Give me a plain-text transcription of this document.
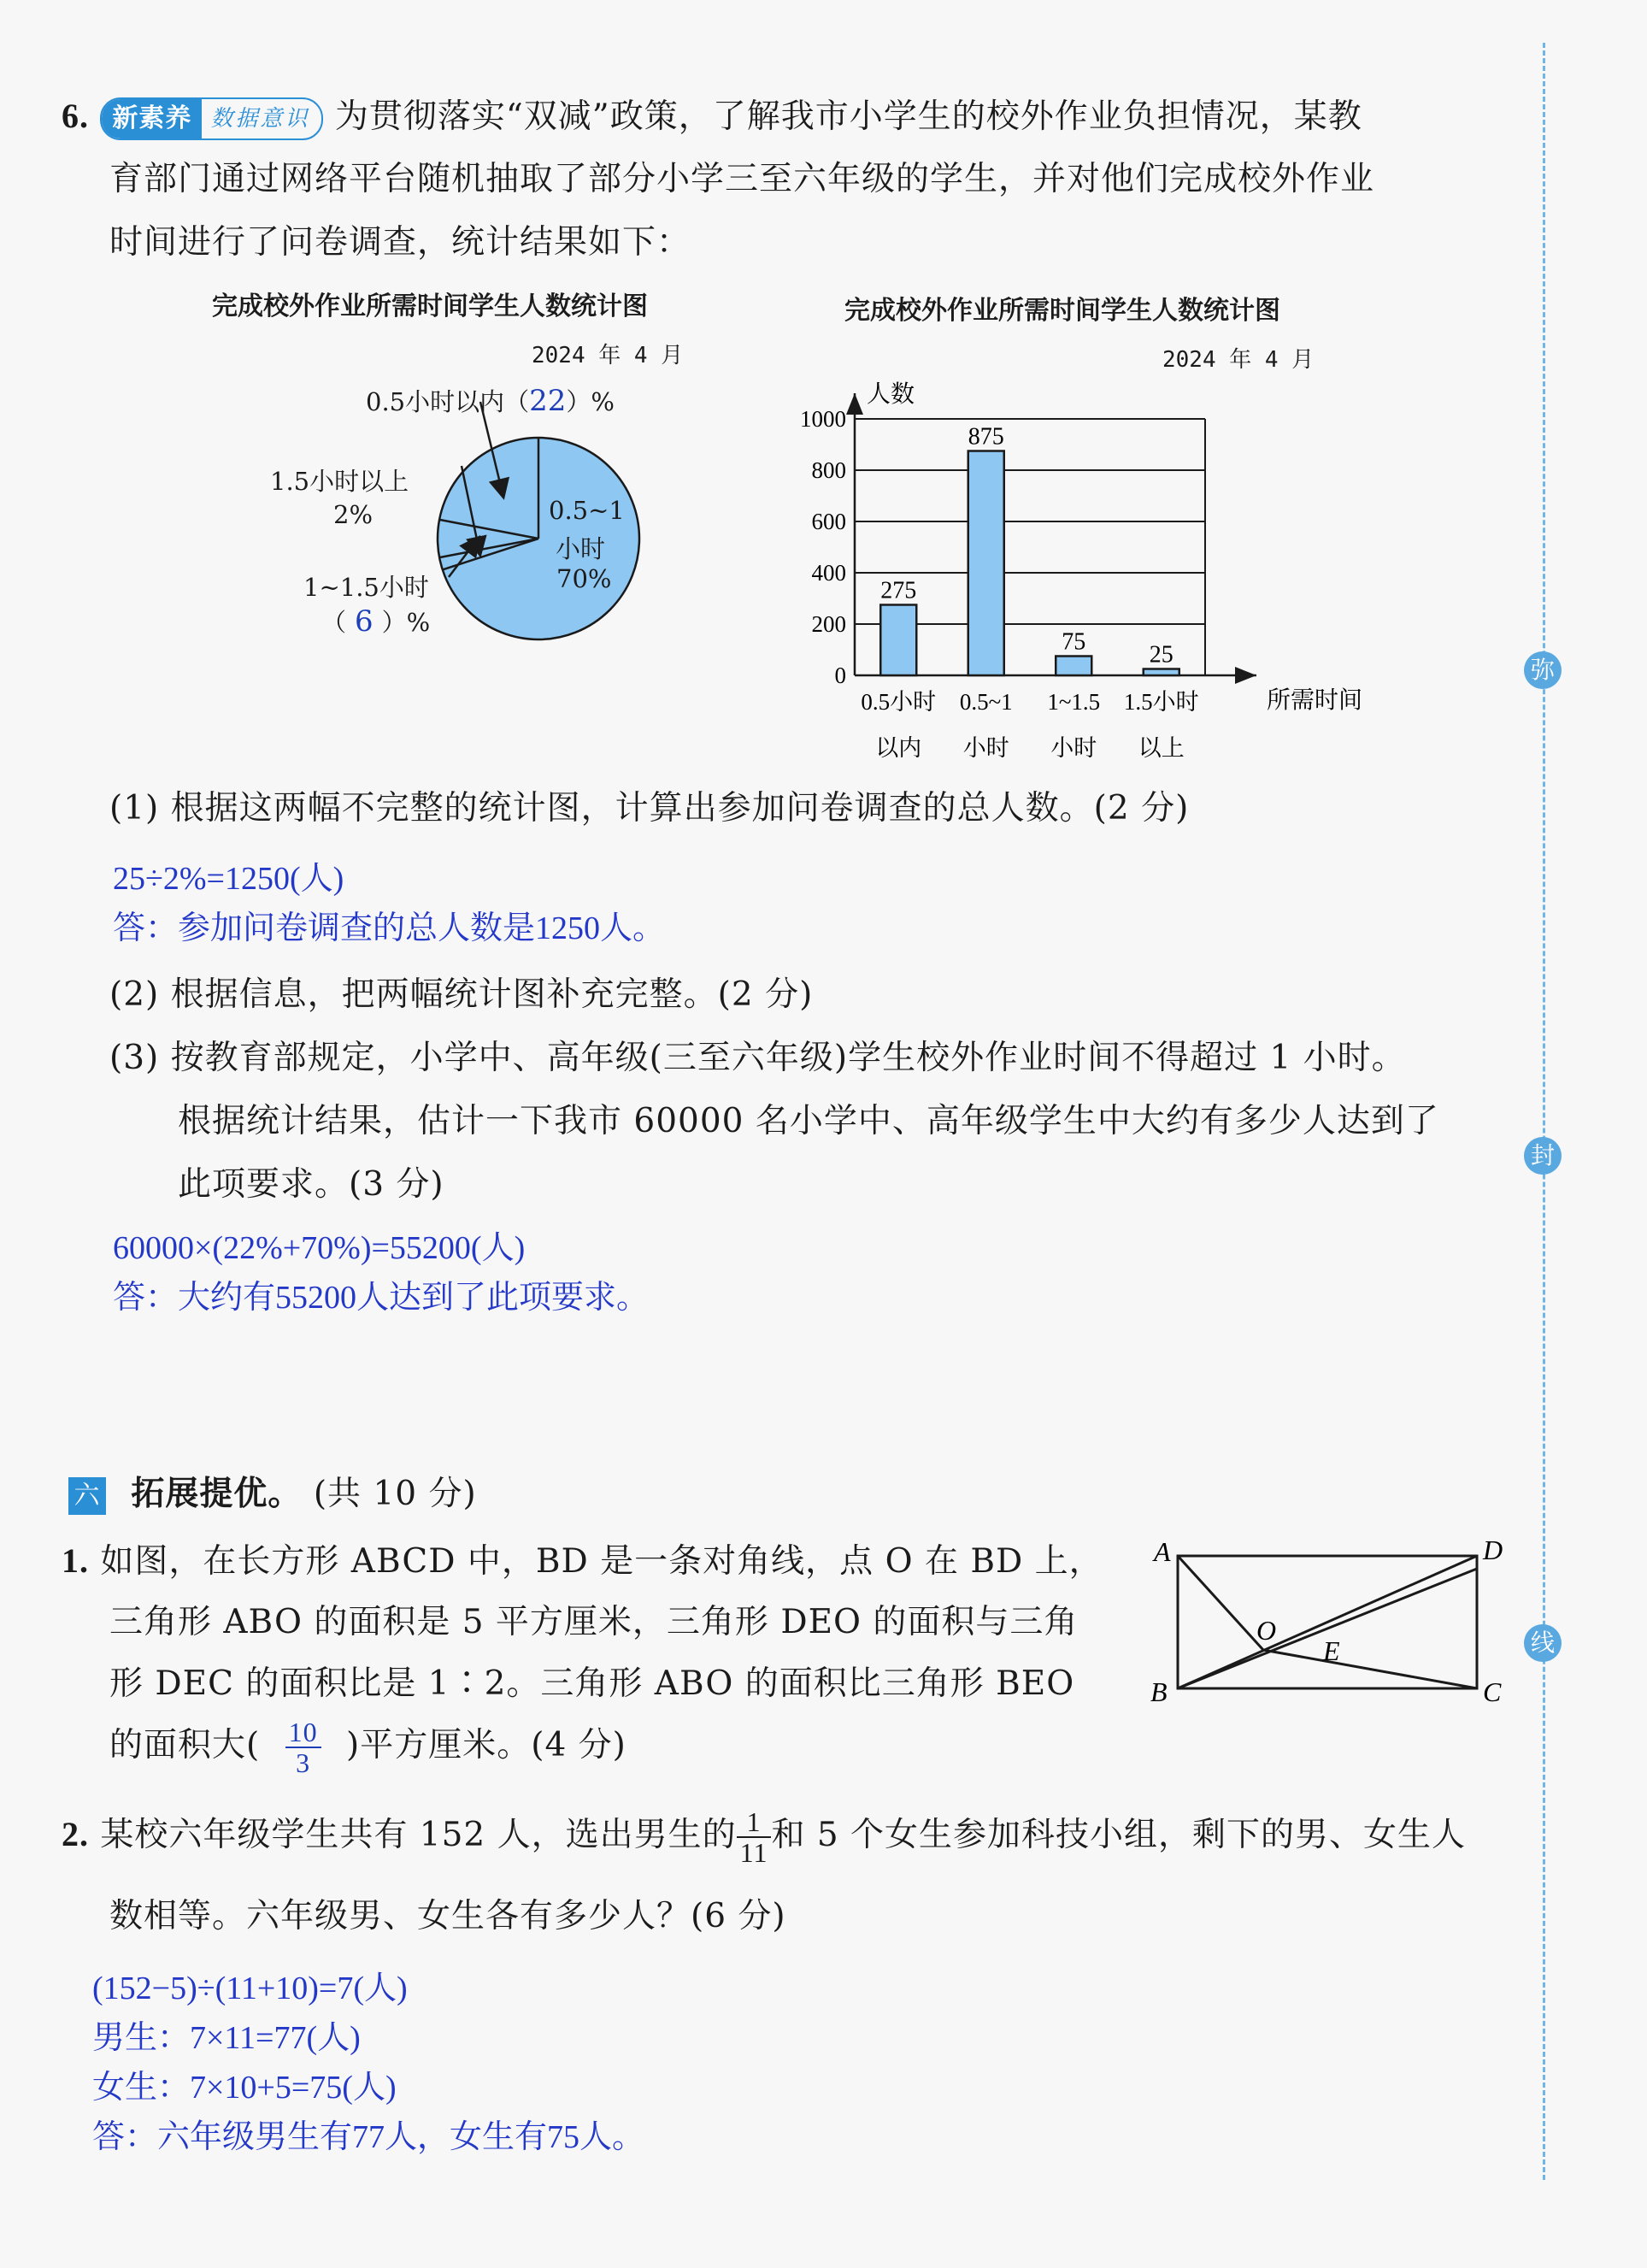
弥
封
线
6. 新素养 数据意识 为贯彻落实“双减”政策，了解我市小学生的校外作业负担情况，某教
育部门通过网络平台随机抽取了部分小学三至六年级的学生，并对他们完成校外作业
时间进行了问卷调查，统计结果如下：
完成校外作业所需时间学生人数统计图
2024 年 4 月
0.5小时以内（22）%
1.5小时以上
2%
1~1.5小时
（ 6 ）%
0.5~1
小时
70%
完成校外作业所需时间学生人数统计图
2024 年 4 月
0
200
400
600
800
1000
人数
所需时间
275
0.5小时
以内
875
0.5~1
小时
75
1~1.5
小时
25
1.5小时
以上
(1) 根据这两幅不完整的统计图，计算出参加问卷调查的总人数。(2 分)
25÷2%=1250(人)
答：参加问卷调查的总人数是1250人。
(2) 根据信息，把两幅统计图补充完整。(2 分)
(3) 按教育部规定，小学中、高年级(三至六年级)学生校外作业时间不得超过 1 小时。
根据统计结果，估计一下我市 60000 名小学中、高年级学生中大约有多少人达到了
此项要求。(3 分)
60000×(22%+70%)=55200(人)
答：大约有55200人达到了此项要求。
六 拓展提优。 (共 10 分)
1. 如图，在长方形 ABCD 中，BD 是一条对角线，点 O 在 BD 上，
三角形 ABO 的面积是 5 平方厘米，三角形 DEO 的面积与三角
形 DEC 的面积比是 1∶2。三角形 ABO 的面积比三角形 BEO
的面积大( $\frac{10}{3}$ )平方厘米。(4 分)
A
B	C
D
O
E
2. 某校六年级学生共有 152 人，选出男生的 $\frac{1}{11}$ 和 5 个女生参加科技小组，剩下的男、女生人
数相等。六年级男、女生各有多少人？(6 分)
(152−5)÷(11+10)=7(人)
男生：7×11=77(人)
女生：7×10+5=75(人)
答：六年级男生有77人，女生有75人。
